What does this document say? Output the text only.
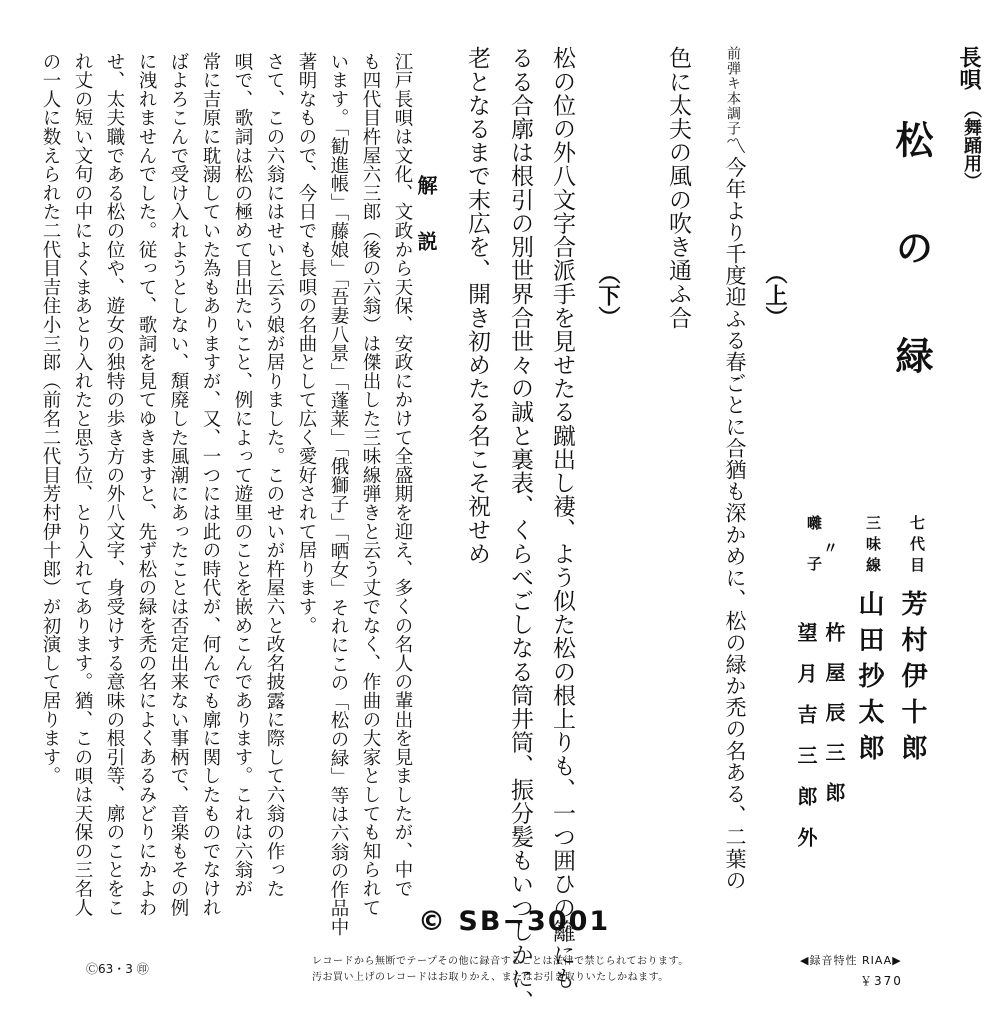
長唄
（舞踊用）
松の緑
（上）
前弾キ本調子
〽今年より千度迎ふる春ごとに合猶も深かめに、松の緑か禿の名ある、二葉の
色に太夫の風の吹き通ふ合
（下）
松の位の外八文字合派手を見せたる蹴出し褄、よう似た松の根上りも、一つ囲ひの籬にも
るる合廓は根引の別世界合世々の誠と裏表、くらべごしなる筒井筒、振分髪もいつしかに、
老となるまで末広を、開き初めたる名こそ祝せめ	七代目
芳村伊十郎
三味線
山田抄太郎
〃
杵屋辰三郎
囃子
望月吉三郎外
解説
江戸長唄は文化、文政から天保、安政にかけて全盛期を迎え、多くの名人の輩出を見ましたが、中で
も四代目杵屋六三郎（後の六翁）は傑出した三味線弾きと云う丈でなく、作曲の大家としても知られて
います。「勧進帳」「藤娘」「吾妻八景」「蓬莱」「俄獅子」「晒女」それにこの「松の緑」等は六翁の作品中
著明なもので、今日でも長唄の名曲として広く愛好されて居ります。
さて、この六翁にはせいと云う娘が居りました。このせいが杵屋六と改名披露に際して六翁の作った
唄で、歌詞は松の極めて目出たいこと、例によって遊里のことを嵌めこんであります。これは六翁が
常に吉原に耽溺していた為もありますが、又、一つには此の時代が、何んでも廓に関したものでなけれ
ばよろこんで受け入れようとしない、頽廃した風潮にあったことは否定出来ない事柄で、音楽もその例
に洩れませんでした。従って、歌詞を見てゆきますと、先ず松の緑を禿の名によくあるみどりにかよわ
せ、太夫職である松の位や、遊女の独特の歩き方の外八文字、身受けする意味の根引等、廓のことをこ
れ丈の短い文句の中によくまあとり入れたと思う位、とり入れてあります。猶、この唄は天保の三名人
の一人に数えられた二代目吉住小三郎（前名二代目芳村伊十郎）が初演して居ります。
© SB−3001
Ⓒ63・3 ㊞
レコードから無断でテープその他に録音することは法律で禁じられております。
汚お買い上げのレコードはお取りかえ、またはお引き取りいたしかねます。
◀録音特性 RIAA▶
￥370
